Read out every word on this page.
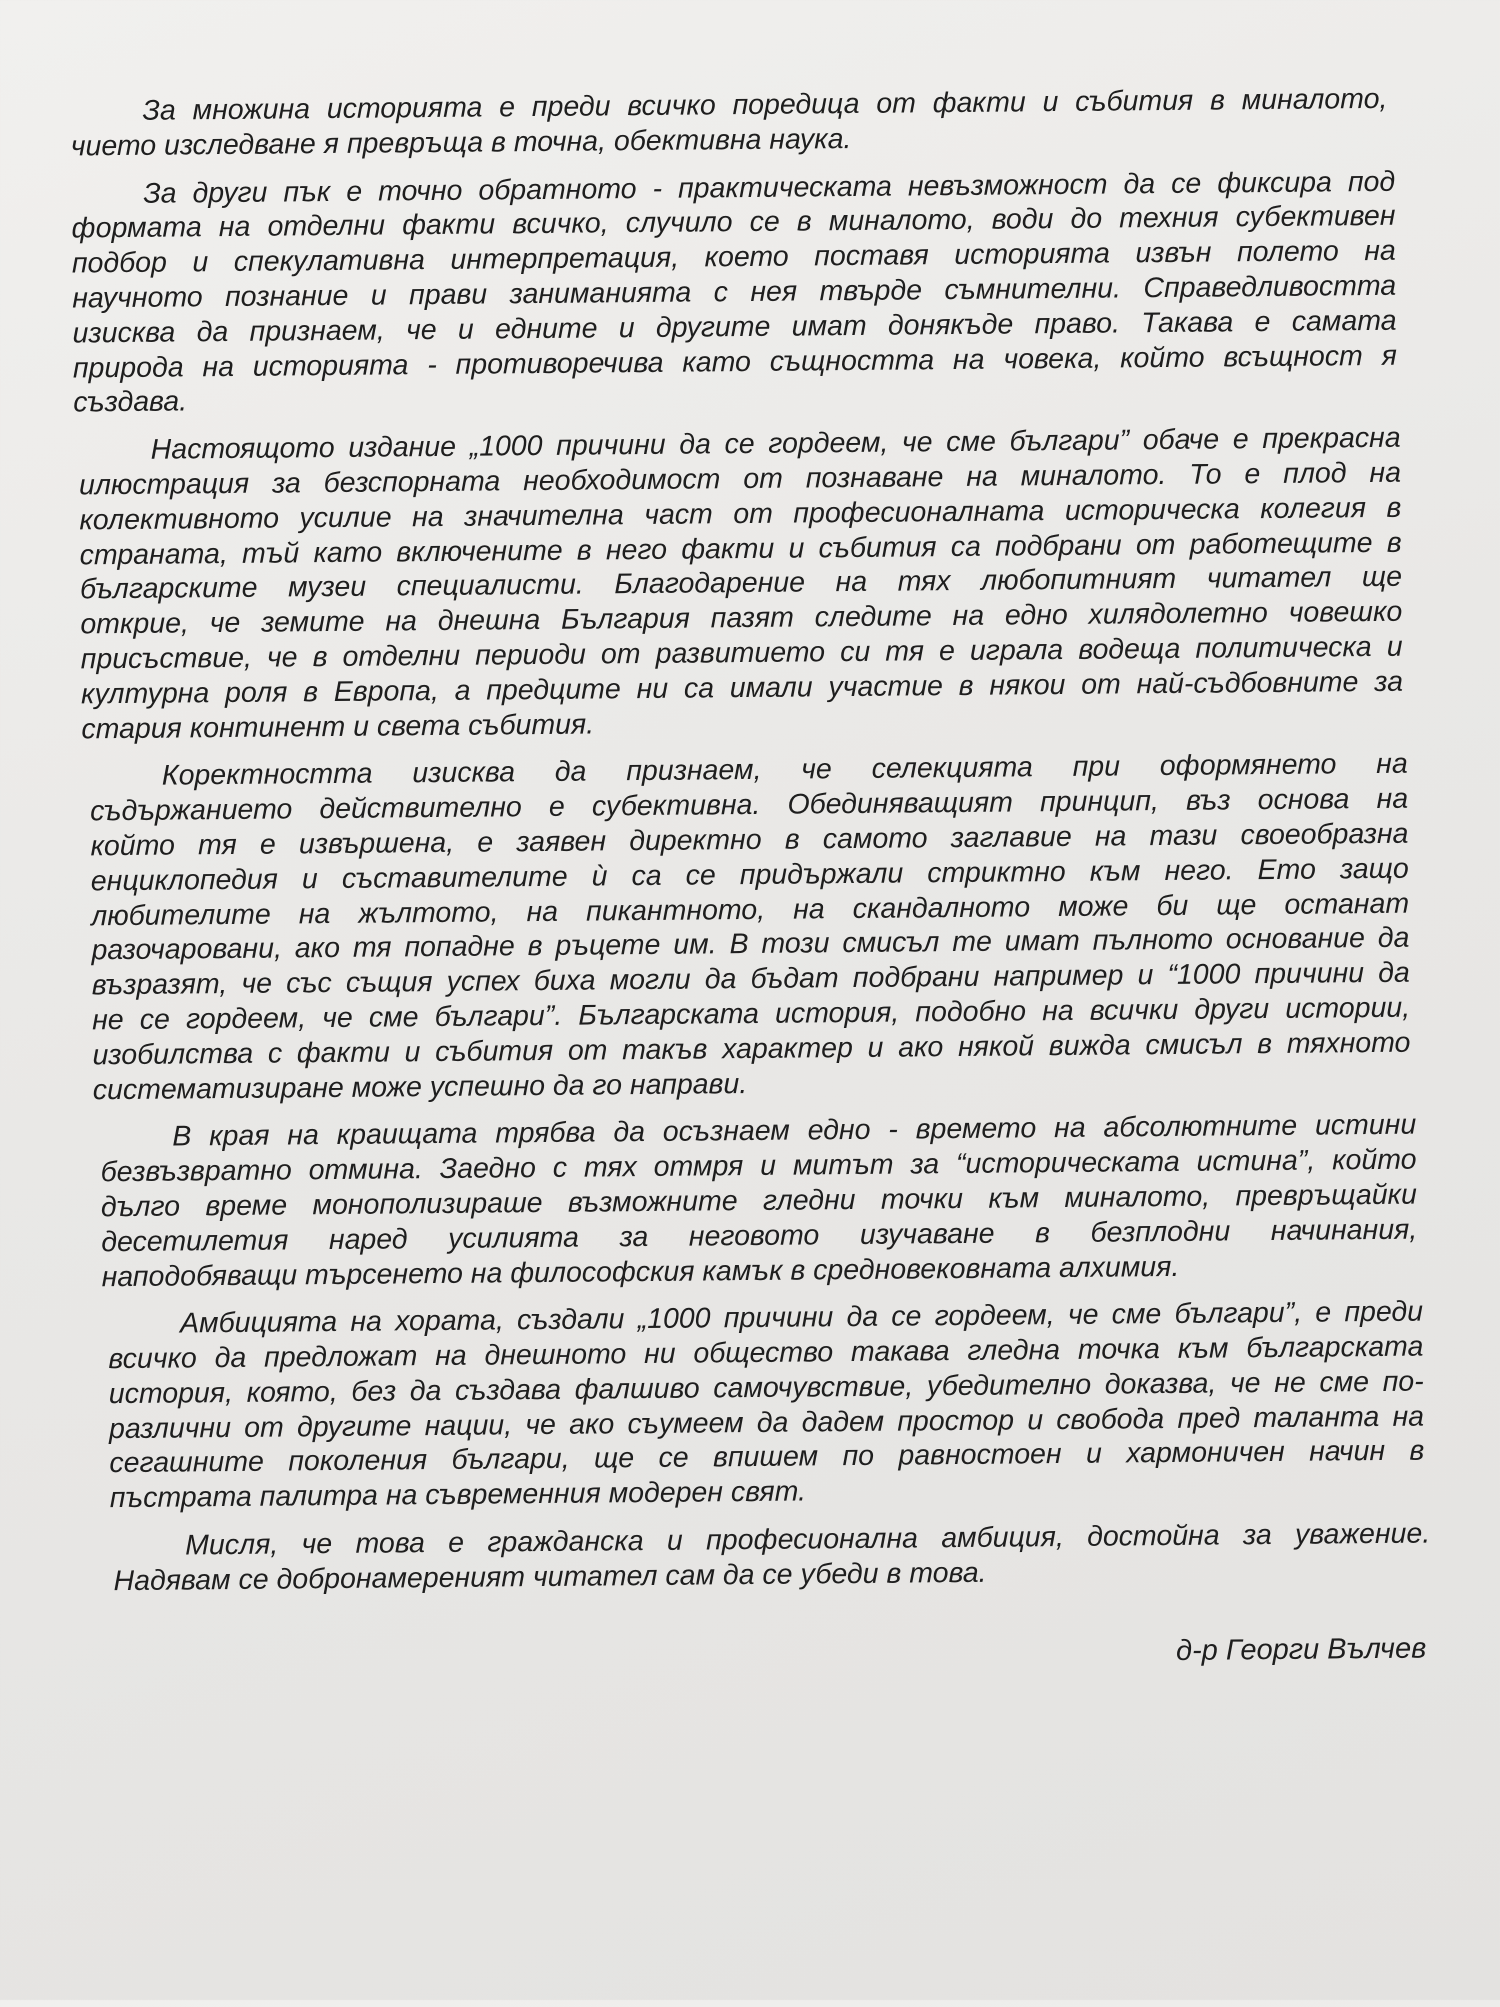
За множина историята е преди всичко поредица от факти и събития в миналото,
чието изследване я превръща в точна, обективна наука.
За други пък е точно обратното - практическата невъзможност да се фиксира под
формата на отделни факти всичко, случило се в миналото, води до техния субективен
подбор и спекулативна интерпретация, което поставя историята извън полето на
научното познание и прави заниманията с нея твърде съмнителни. Справедливостта
изисква да признаем, че и едните и другите имат донякъде право. Такава е самата
природа на историята - противоречива като същността на човека, който всъщност я
създава.
Настоящото издание „1000 причини да се гордеем, че сме българи” обаче е прекрасна
илюстрация за безспорната необходимост от познаване на миналото. То е плод на
колективното усилие на значителна част от професионалната историческа колегия в
страната, тъй като включените в него факти и събития са подбрани от работещите в
българските музеи специалисти. Благодарение на тях любопитният читател ще
открие, че земите на днешна България пазят следите на едно хилядолетно човешко
присъствие, че в отделни периоди от развитието си тя е играла водеща политическа и
културна роля в Европа, а предците ни са имали участие в някои от най-съдбовните за
стария континент и света събития.
Коректността изисква да признаем, че селекцията при оформянето на
съдържанието действително е субективна. Обединяващият принцип, въз основа на
който тя е извършена, е заявен директно в самото заглавие на тази своеобразна
енциклопедия и съставителите ѝ са се придържали стриктно към него. Ето защо
любителите на жълтото, на пикантното, на скандалното може би ще останат
разочаровани, ако тя попадне в ръцете им. В този смисъл те имат пълното основание да
възразят, че със същия успех биха могли да бъдат подбрани например и “1000 причини да
не се гордеем, че сме българи”. Българската история, подобно на всички други истории,
изобилства с факти и събития от такъв характер и ако някой вижда смисъл в тяхното
систематизиране може успешно да го направи.
В края на краищата трябва да осъзнаем едно - времето на абсолютните истини
безвъзвратно отмина. Заедно с тях отмря и митът за “историческата истина”, който
дълго време монополизираше възможните гледни точки към миналото, превръщайки
десетилетия наред усилията за неговото изучаване в безплодни начинания,
наподобяващи търсенето на философския камък в средновековната алхимия.
Амбицията на хората, създали „1000 причини да се гордеем, че сме българи”, е преди
всичко да предложат на днешното ни общество такава гледна точка към българската
история, която, без да създава фалшиво самочувствие, убедително доказва, че не сме по-
различни от другите нации, че ако съумеем да дадем простор и свобода пред таланта на
сегашните поколения българи, ще се впишем по равностоен и хармоничен начин в
пъстрата палитра на съвременния модерен свят.
Мисля, че това е гражданска и професионална амбиция, достойна за уважение.
Надявам се добронамереният читател сам да се убеди в това.
д-р Георги Вълчев
